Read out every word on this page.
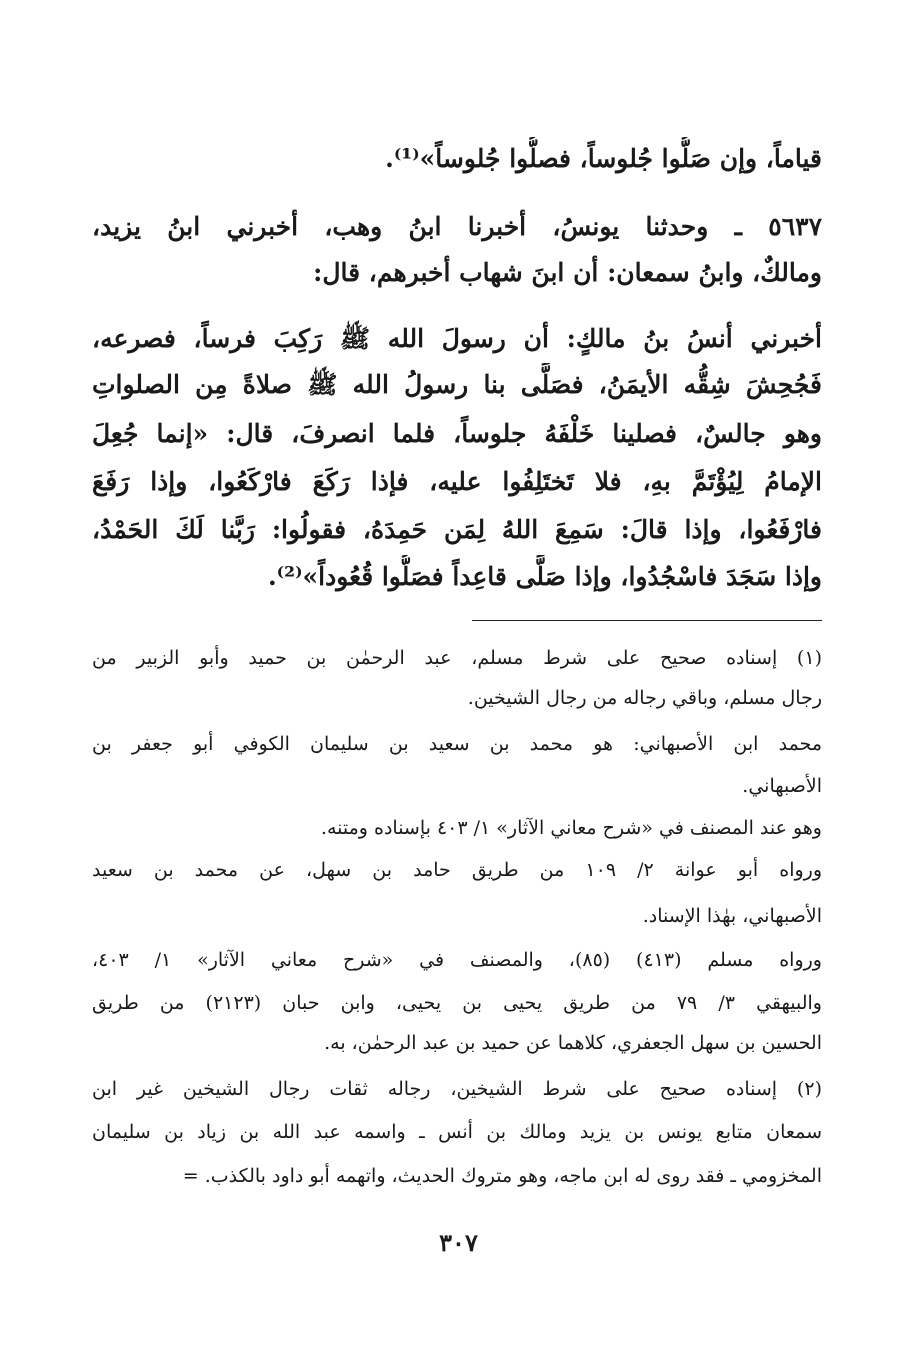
قياماً، وإن صَلُّوا جُلوساً، فصلُّوا جُلوساً»⁽¹⁾.
٥٦٣٧ ـ وحدثنا يونسُ، أخبرنا ابنُ وهب، أخبرني ابنُ يزيد،
ومالكٌ، وابنُ سمعان: أن ابنَ شهاب أخبرهم، قال:
أخبرني أنسُ بنُ مالكٍ: أن رسولَ الله ﷺ رَكِبَ فرساً، فصرعه،
فَجُحِشَ شِقُّه الأيمَنُ، فصَلَّى بنا رسولُ الله ﷺ صلاةً مِن الصلواتِ
وهو جالسٌ، فصلينا خَلْفَهُ جلوساً، فلما انصرفَ، قال: «إنما جُعِلَ
الإمامُ لِيُؤْتَمَّ بهِ، فلا تَختَلِفُوا عليه، فإذا رَكَعَ فارْكَعُوا، وإذا رَفَعَ
فارْفَعُوا، وإذا قالَ: سَمِعَ اللهُ لِمَن حَمِدَهُ، فقولُوا: رَبَّنا لَكَ الحَمْدُ،
وإذا سَجَدَ فاسْجُدُوا، وإذا صَلَّى قاعِداً فصَلُّوا قُعُوداً»⁽²⁾.
(١) إسناده صحيح على شرط مسلم، عبد الرحمٰن بن حميد وأبو الزبير من
رجال مسلم، وباقي رجاله من رجال الشيخين.
محمد ابن الأصبهاني: هو محمد بن سعيد بن سليمان الكوفي أبو جعفر بن
الأصبهاني.
وهو عند المصنف في «شرح معاني الآثار» ١/ ٤٠٣ بإسناده ومتنه.
ورواه أبو عوانة ٢/ ١٠٩ من طريق حامد بن سهل، عن محمد بن سعيد
الأصبهاني، بهٰذا الإسناد.
ورواه مسلم (٤١٣) (٨٥)، والمصنف في «شرح معاني الآثار» ١/ ٤٠٣،
والبيهقي ٣/ ٧٩ من طريق يحيى بن يحيى، وابن حبان (٢١٢٣) من طريق
الحسين بن سهل الجعفري، كلاهما عن حميد بن عبد الرحمٰن، به.
(٢) إسناده صحيح على شرط الشيخين، رجاله ثقات رجال الشيخين غير ابن
سمعان متابع يونس بن يزيد ومالك بن أنس ـ واسمه عبد الله بن زياد بن سليمان
المخزومي ـ فقد روى له ابن ماجه، وهو متروك الحديث، واتهمه أبو داود بالكذب. =
٣٠٧
